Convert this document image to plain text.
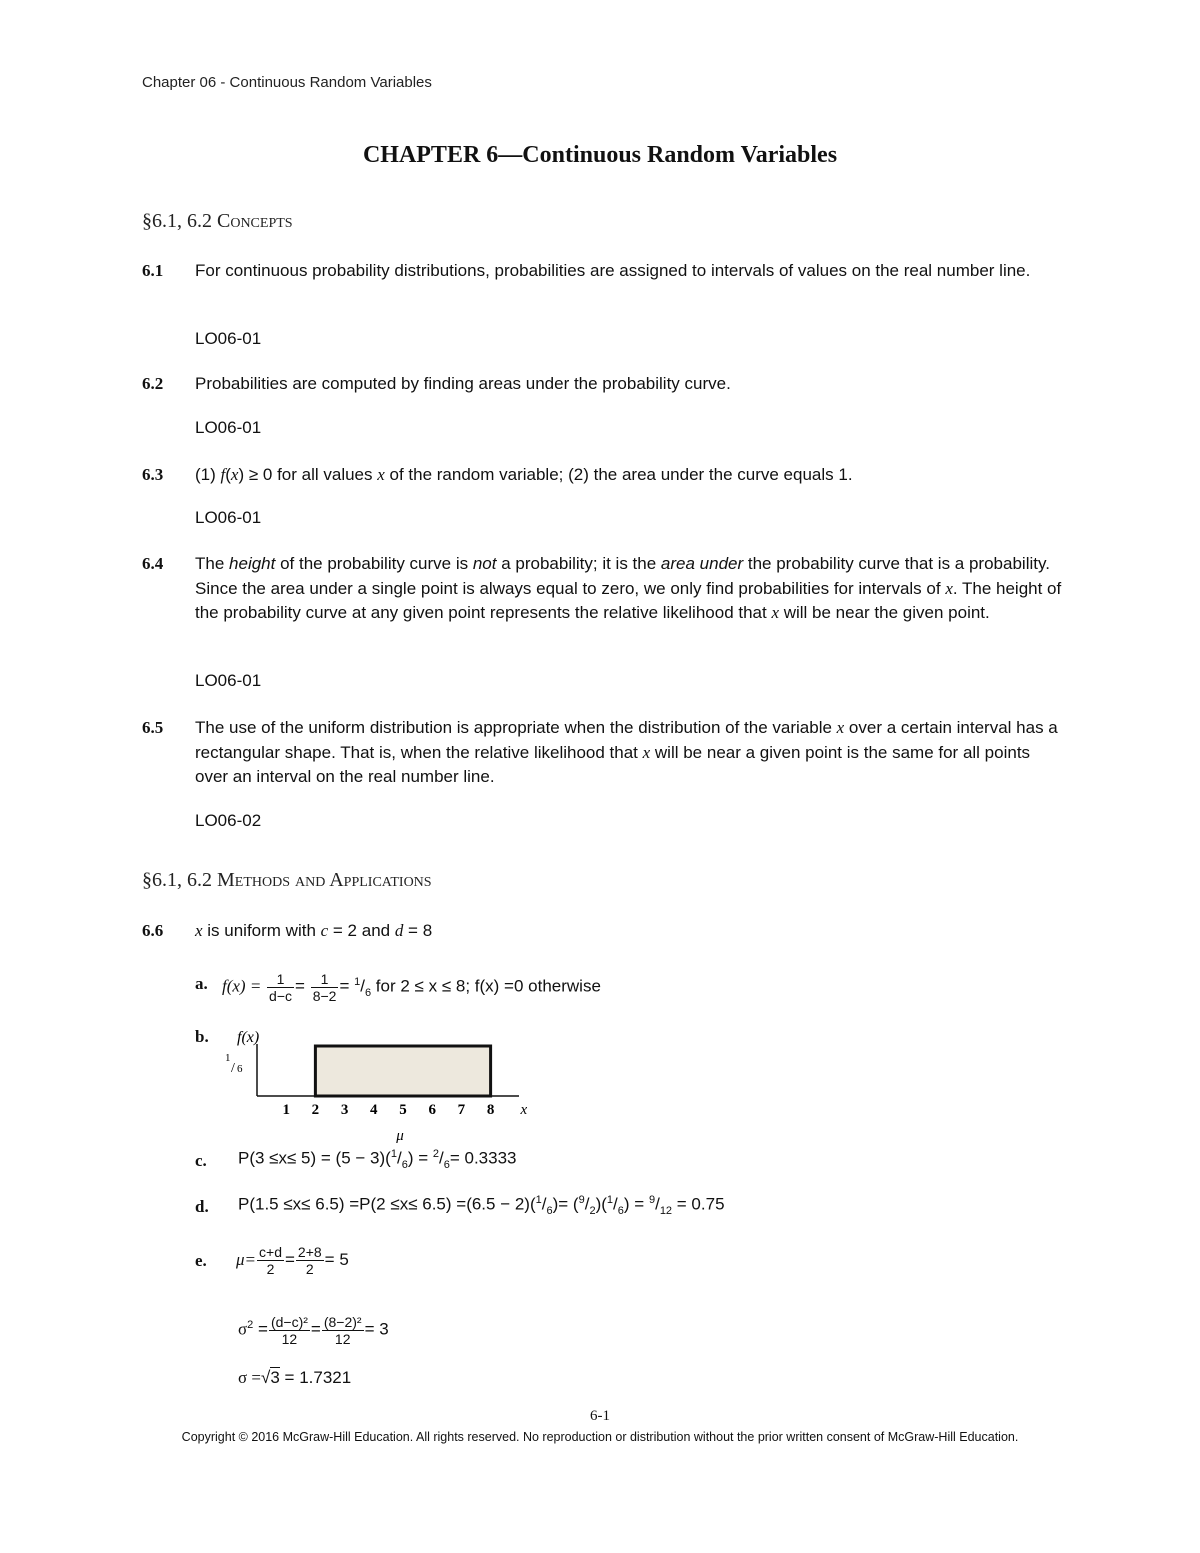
Chapter 06 - Continuous Random Variables
CHAPTER 6—Continuous Random Variables
§6.1, 6.2 Concepts
6.1 For continuous probability distributions, probabilities are assigned to intervals of values on the real number line.
LO06-01
6.2 Probabilities are computed by finding areas under the probability curve.
LO06-01
6.3 (1) f(x) ≥ 0 for all values x of the random variable; (2) the area under the curve equals 1.
LO06-01
6.4 The height of the probability curve is not a probability; it is the area under the probability curve that is a probability. Since the area under a single point is always equal to zero, we only find probabilities for intervals of x. The height of the probability curve at any given point represents the relative likelihood that x will be near the given point.
LO06-01
6.5 The use of the uniform distribution is appropriate when the distribution of the variable x over a certain interval has a rectangular shape. That is, when the relative likelihood that x will be near a given point is the same for all points over an interval on the real number line.
LO06-02
§6.1, 6.2 Methods and Applications
6.6 x is uniform with c = 2 and d = 8
a. $f(x) = \frac{1}{d-c} = \frac{1}{8-2} = ^1/_6$ for 2 ≤ x ≤ 8; f(x) =0 otherwise
b. f(x)
1
/ 6
1 2 3 4 5 6 7 8 x
μ
c. $P(3 \le x\le 5) = (5 - 3)(^1/_6) = ^2/_6= 0.3333$
d. $P(1.5 \le x\le 6.5) =P(2 \le x\le 6.5) =(6.5 - 2)(^1/_6)= (^9/_2)(^1/_6) = ^9/_{12} = 0.75$
e. $\mu= \frac{c+d}{2} = \frac{2+8}{2} = 5$
$\sigma^2 = \frac{\text{(d−c)²}}{12} = \frac{\text{(8−2)²}}{12} = 3$
σ =√3 = 1.7321
6-1
Copyright © 2016 McGraw-Hill Education. All rights reserved. No reproduction or distribution without the prior written consent of McGraw-Hill Education.
